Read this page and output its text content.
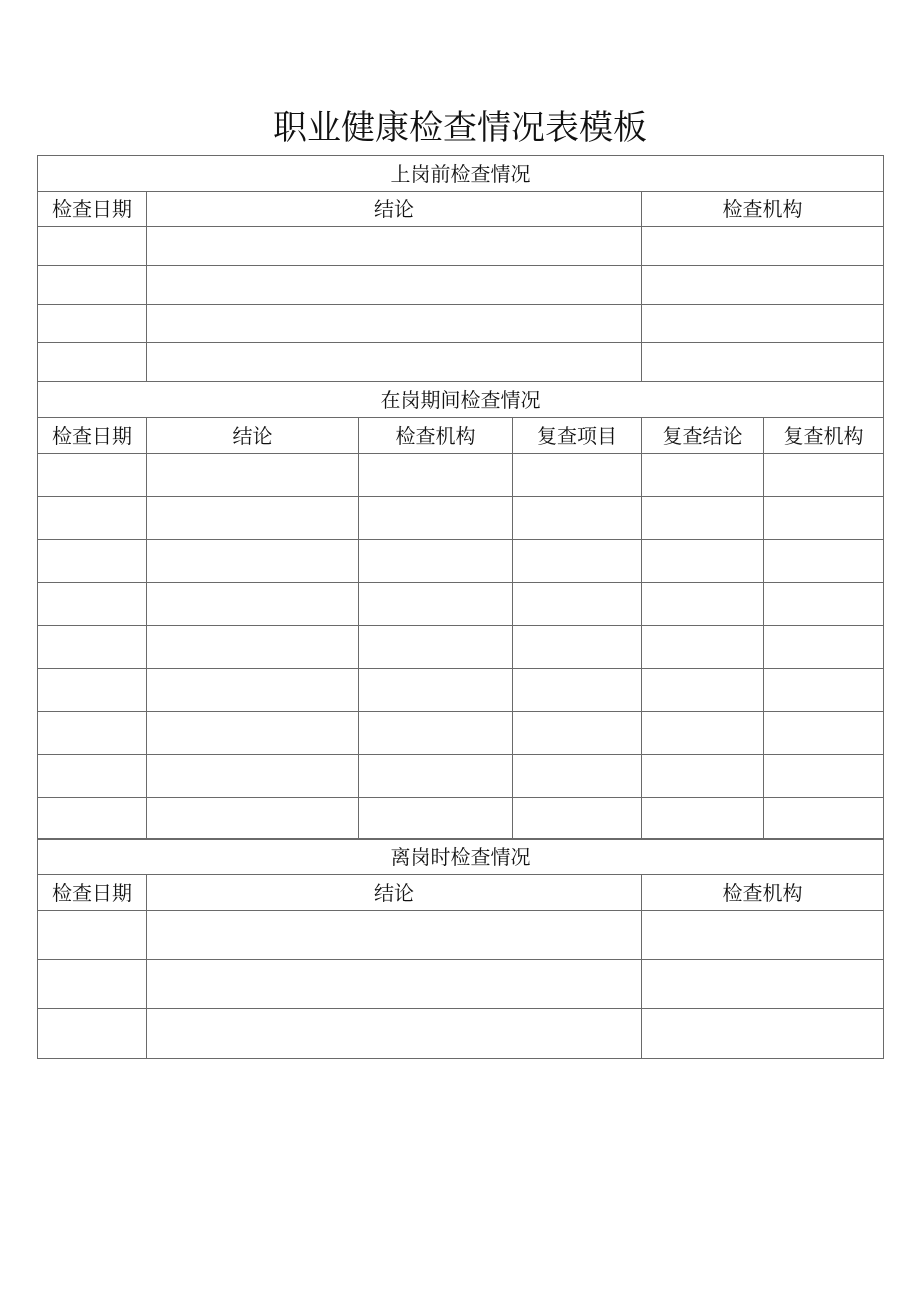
职业健康检查情况表模板
上岗前检查情况		
检查日期	结论	检查机构

在岗期间检查情况					
检查日期	结论	检查机构	复查项目	复查结论	复查机构

离岗时检查情况		
检查日期	结论	检查机构
